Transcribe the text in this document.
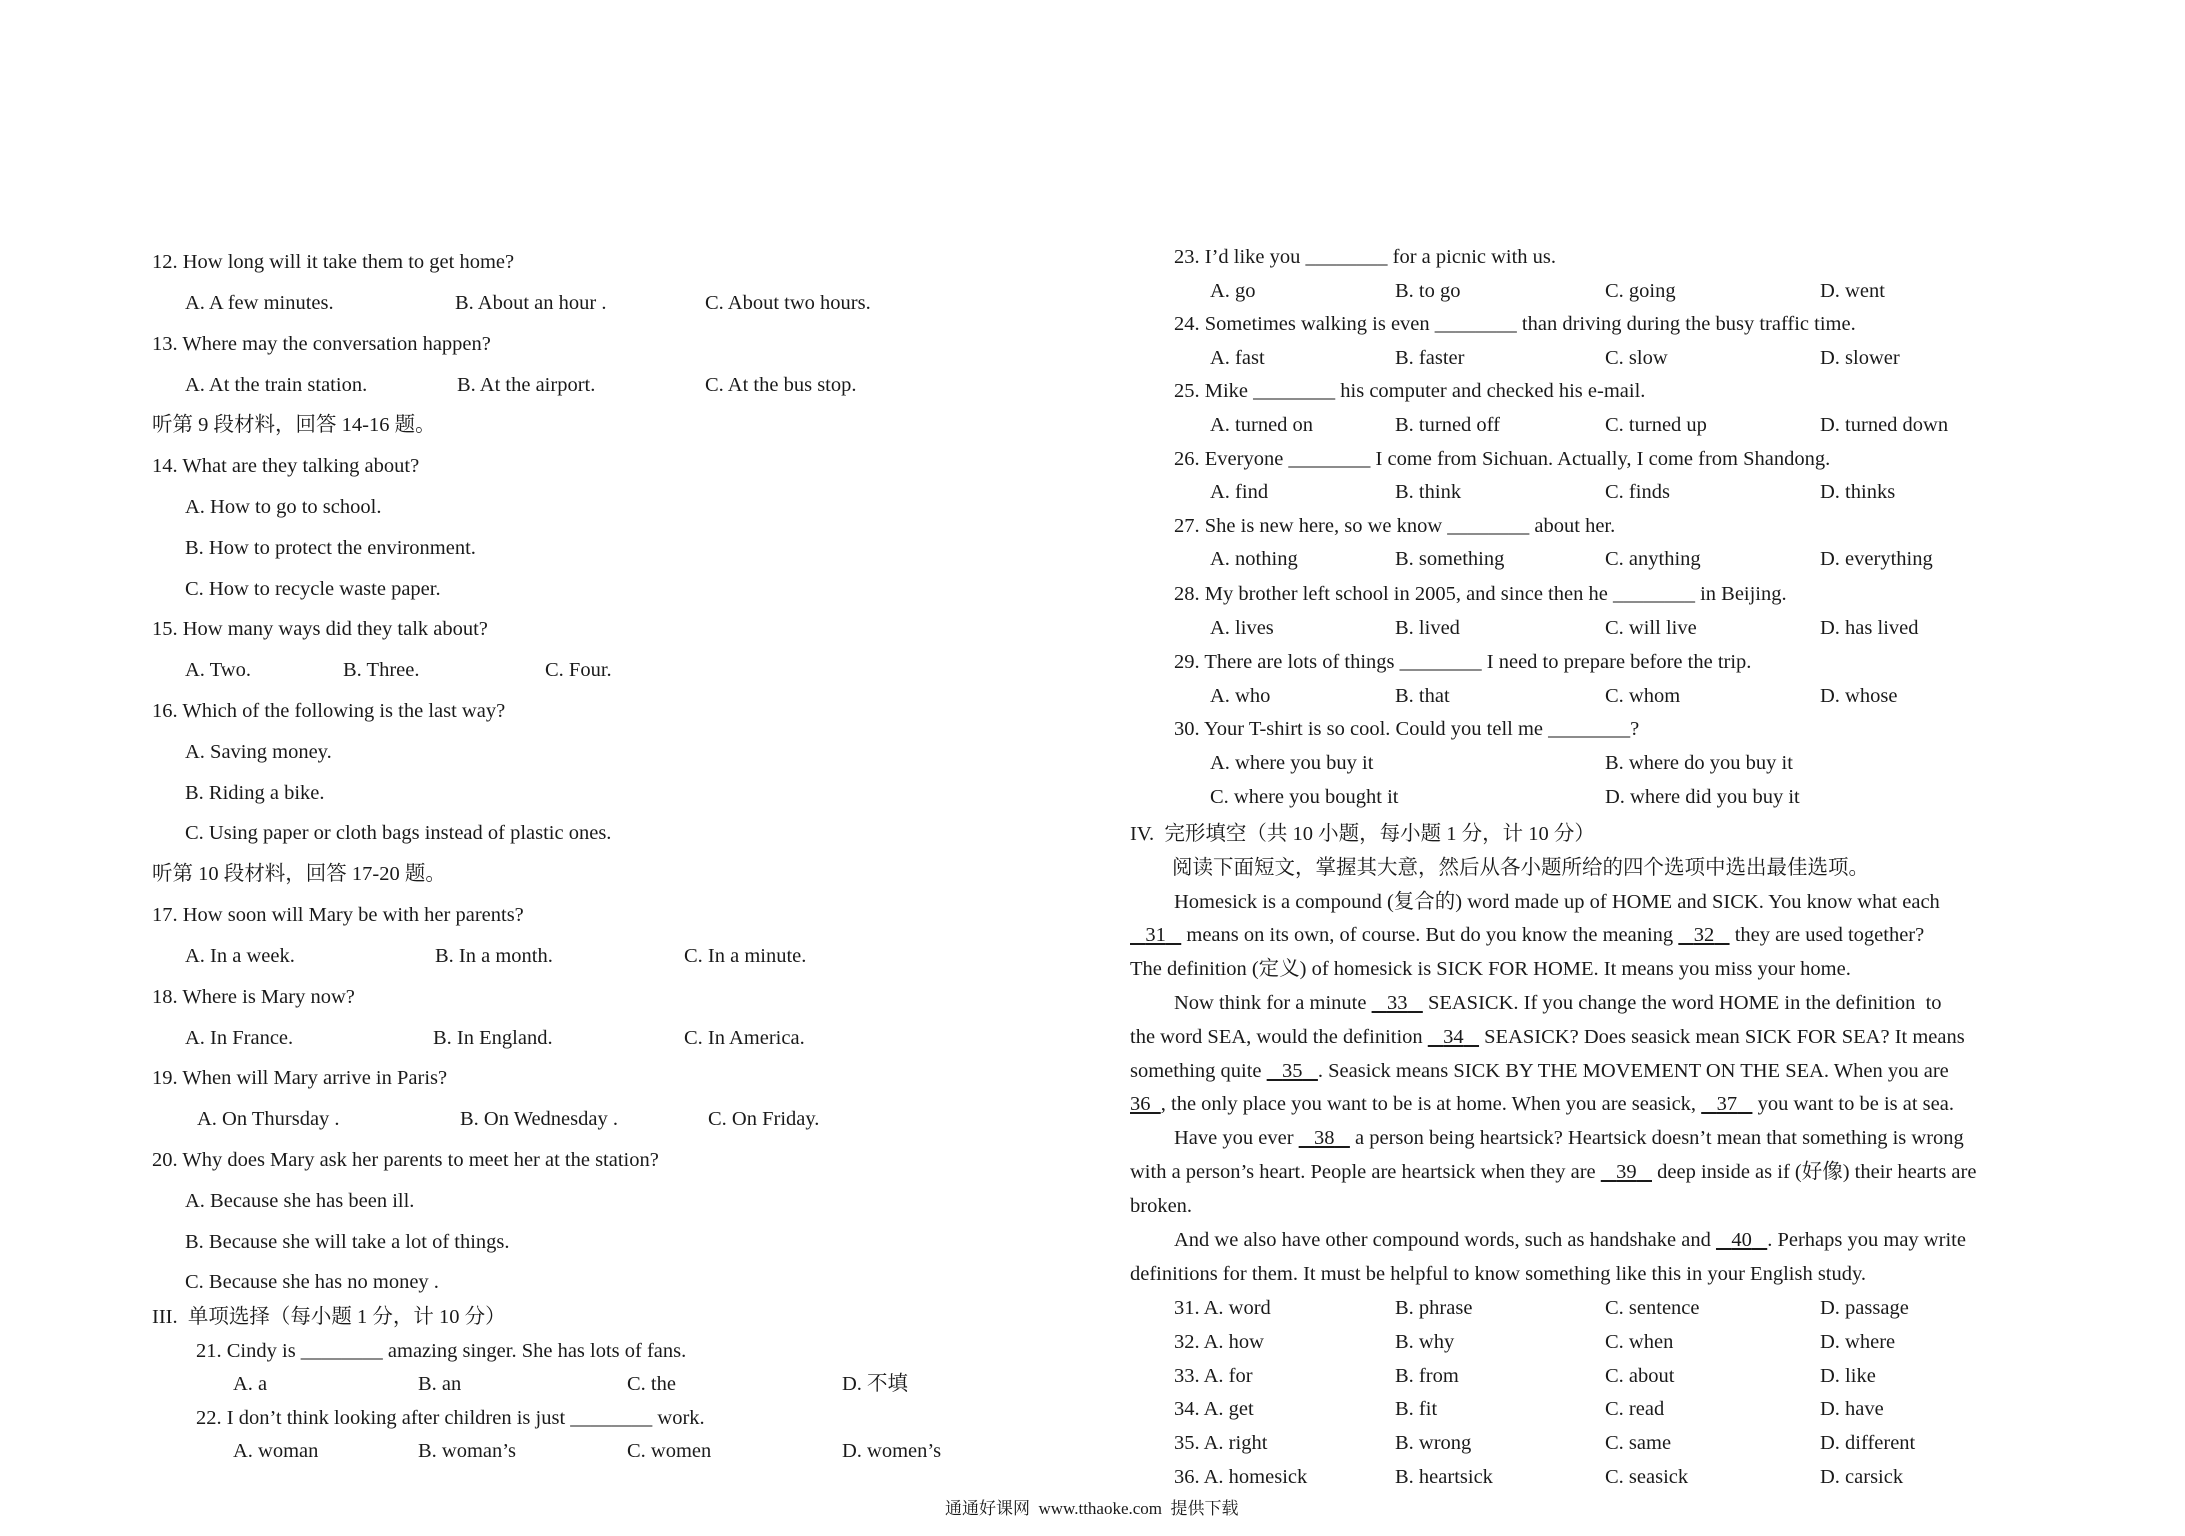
12. How long will it take them to get home?
A. A few minutes.	B. About an hour .	C. About two hours.
13. Where may the conversation happen?
A. At the train station.	B. At the airport.	C. At the bus stop.
听第 9 段材料，回答 14-16 题。
14. What are they talking about?
A. How to go to school.
B. How to protect the environment.
C. How to recycle waste paper.
15. How many ways did they talk about?
A. Two.	B. Three.	C. Four.
16. Which of the following is the last way?
A. Saving money.
B. Riding a bike.
C. Using paper or cloth bags instead of plastic ones.
听第 10 段材料，回答 17-20 题。
17. How soon will Mary be with her parents?
A. In a week.	B. In a month.	C. In a minute.
18. Where is Mary now?
A. In France.	B. In England.	C. In America.
19. When will Mary arrive in Paris?
A. On Thursday .	B. On Wednesday .	C. On Friday.
20. Why does Mary ask her parents to meet her at the station?
A. Because she has been ill.
B. Because she will take a lot of things.
C. Because she has no money .
III.  单项选择（每小题 1 分，计 10 分）
21. Cindy is ________ amazing singer. She has lots of fans.
A. a	B. an	C. the	D. 不填
22. I don’t think looking after children is just ________ work.
A. woman	B. woman’s	C. women	D. women’s
23. I’d like you ________ for a picnic with us.
A. go	B. to go	C. going	D. went
24. Sometimes walking is even ________ than driving during the busy traffic time.
A. fast	B. faster	C. slow	D. slower
25. Mike ________ his computer and checked his e-mail.
A. turned on	B. turned off	C. turned up	D. turned down
26. Everyone ________ I come from Sichuan. Actually, I come from Shandong.
A. find	B. think	C. finds	D. thinks
27. She is new here, so we know ________ about her.
A. nothing	B. something	C. anything	D. everything
28. My brother left school in 2005, and since then he ________ in Beijing.
A. lives	B. lived	C. will live	D. has lived
29. There are lots of things ________ I need to prepare before the trip.
A. who	B. that	C. whom	D. whose
30. Your T-shirt is so cool. Could you tell me ________?
A. where you buy it	B. where do you buy it
C. where you bought it	D. where did you buy it
IV.  完形填空（共 10 小题，每小题 1 分，计 10 分）
阅读下面短文，掌握其大意，然后从各小题所给的四个选项中选出最佳选项。
Homesick is a compound (复合的) word made up of HOME and SICK. You know what each
31    means on its own, of course. But do you know the meaning    32    they are used together?
The definition (定义) of homesick is SICK FOR HOME. It means you miss your home.
Now think for a minute    33    SEASICK. If you change the word HOME in the definition  to
the word SEA, would the definition    34    SEASICK? Does seasick mean SICK FOR SEA? It means
something quite    35 . Seasick means SICK BY THE MOVEMENT ON THE SEA. When you are
36 , the only place you want to be is at home. When you are seasick,    37    you want to be is at sea.
Have you ever    38    a person being heartsick? Heartsick doesn’t mean that something is wrong
with a person’s heart. People are heartsick when they are    39    deep inside as if (好像) their hearts are
broken.
And we also have other compound words, such as handshake and    40 . Perhaps you may write
definitions for them. It must be helpful to know something like this in your English study.
31. A. word	B. phrase	C. sentence	D. passage
32. A. how	B. why	C. when	D. where
33. A. for	B. from	C. about	D. like
34. A. get	B. fit	C. read	D. have
35. A. right	B. wrong	C. same	D. different
36. A. homesick	B. heartsick	C. seasick	D. carsick
通通好课网  www.tthaoke.com  提供下载
